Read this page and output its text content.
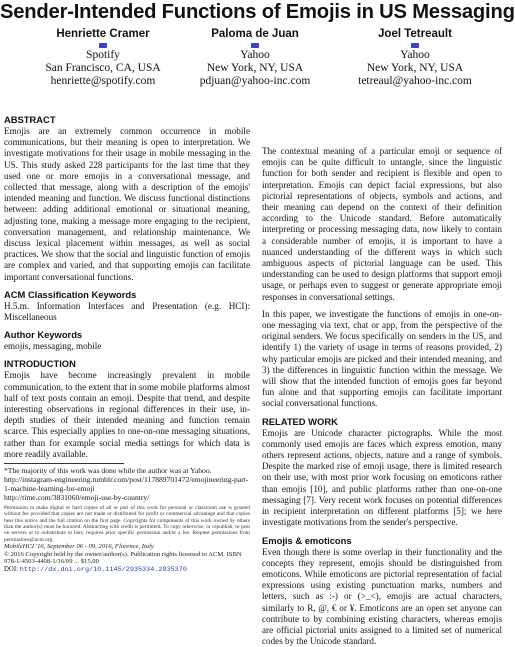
Sender-Intended Functions of Emojis in US Messaging
Henriette Cramer
Spotify
San Francisco, CA, USA
henriette@spotify.com
Paloma de Juan
Yahoo
New York, NY, USA
pdjuan@yahoo-inc.com
Joel Tetreault
Yahoo
New York, NY, USA
tetreaul@yahoo-inc.com
ABSTRACT
Emojis are an extremely common occurrence in mobile communications, but their meaning is open to interpretation. We investigate motivations for their usage in mobile messaging in the US. This study asked 228 participants for the last time that they used one or more emojis in a conversational message, and collected that message, along with a description of the emojis' intended meaning and function. We discuss functional distinctions between: adding additional emotional or situational meaning, adjusting tone, making a message more engaging to the recipient, conversation management, and relationship maintenance. We discuss lexical placement within messages, as well as social practices. We show that the social and linguistic function of emojis are complex and varied, and that supporting emojis can facilitate important conversational functions.
ACM Classification Keywords
H.5.m. Information Interfaces and Presentation (e.g. HCI): Miscellaneous
Author Keywords
emojis, messaging, mobile
INTRODUCTION
Emojis have become increasingly prevalent in mobile communication, to the extent that in some mobile platforms almost half of text posts contain an emoji. Despite that trend, and despite interesting observations in regional differences in their use, in-depth studies of their intended meaning and function remain scarce. This especially applies to one-on-one messaging situations, rather than for example social media settings for which data is more readily available.
*The majority of this work was done while the author was at Yahoo.
http://instagram-engineering.tumblr.com/post/117889701472/emojineering-part-1-machine-learning-for-emoji
http://time.com/3831060/emoji-use-by-country/
Permission to make digital or hard copies of all or part of this work for personal or classroom use is granted without fee provided that copies are not made or distributed for profit or commercial advantage and that copies bear this notice and the full citation on the first page. Copyrights for components of this work owned by others than the author(s) must be honored. Abstracting with credit is permitted. To copy otherwise, or republish, to post on servers or to redistribute to lists, requires prior specific permission and/or a fee. Request permissions from permissions@acm.org.
MobileHCI '16, September 06 - 09, 2016, Florence, Italy
© 2016 Copyright held by the owner/author(s). Publication rights licensed to ACM. ISBN 978-1-4503-4408-1/16/09 ... $15.00
DOI: http://dx.doi.org/10.1145/2935334.2935370
The contextual meaning of a particular emoji or sequence of emojis can be quite difficult to untangle, since the linguistic function for both sender and recipient is flexible and open to interpretation. Emojis can depict facial expressions, but also pictorial representations of objects, symbols and actions, and their meaning can depend on the context of their definition according to the Unicode standard. Before automatically interpreting or processing messaging data, now likely to contain a considerable number of emojis, it is important to have a nuanced understanding of the different ways in which such ambiguous aspects of pictorial language can be used. This understanding can be used to design platforms that support emoji usage, or perhaps even to suggest or generate appropriate emoji responses in conversational settings.
In this paper, we investigate the functions of emojis in one-on-one messaging via text, chat or app, from the perspective of the original senders. We focus specifically on senders in the US, and identify 1) the variety of usage in terms of reasons provided, 2) why particular emojis are picked and their intended meaning, and 3) the differences in linguistic function within the message. We will show that the intended function of emojis goes far beyond fun alone and that supporting emojis can facilitate important social conversational functions.
RELATED WORK
Emojis are Unicode character pictographs. While the most commonly used emojis are faces which express emotion, many others represent actions, objects, nature and a range of symbols. Despite the marked rise of emoji usage, there is limited research on their use, with most prior work focusing on emoticons rather than emojis [10], and public platforms rather than one-on-one messaging [7]. Very recent work focuses on potential differences in recipient interpretation on different platforms [5]; we here investigate motivations from the sender's perspective.
Emojis & emoticons
Even though there is some overlap in their functionality and the concepts they represent, emojis should be distinguished from emoticons. While emoticons are pictorial representation of facial expressions using existing punctuation marks, numbers and letters, such as :-) or (>_<), emojis are actual characters, similarly to R, @, € or ¥. Emoticons are an open set anyone can contribute to by combining existing characters, whereas emojis are official pictorial units assigned to a limited set of numerical codes by the Unicode standard.
